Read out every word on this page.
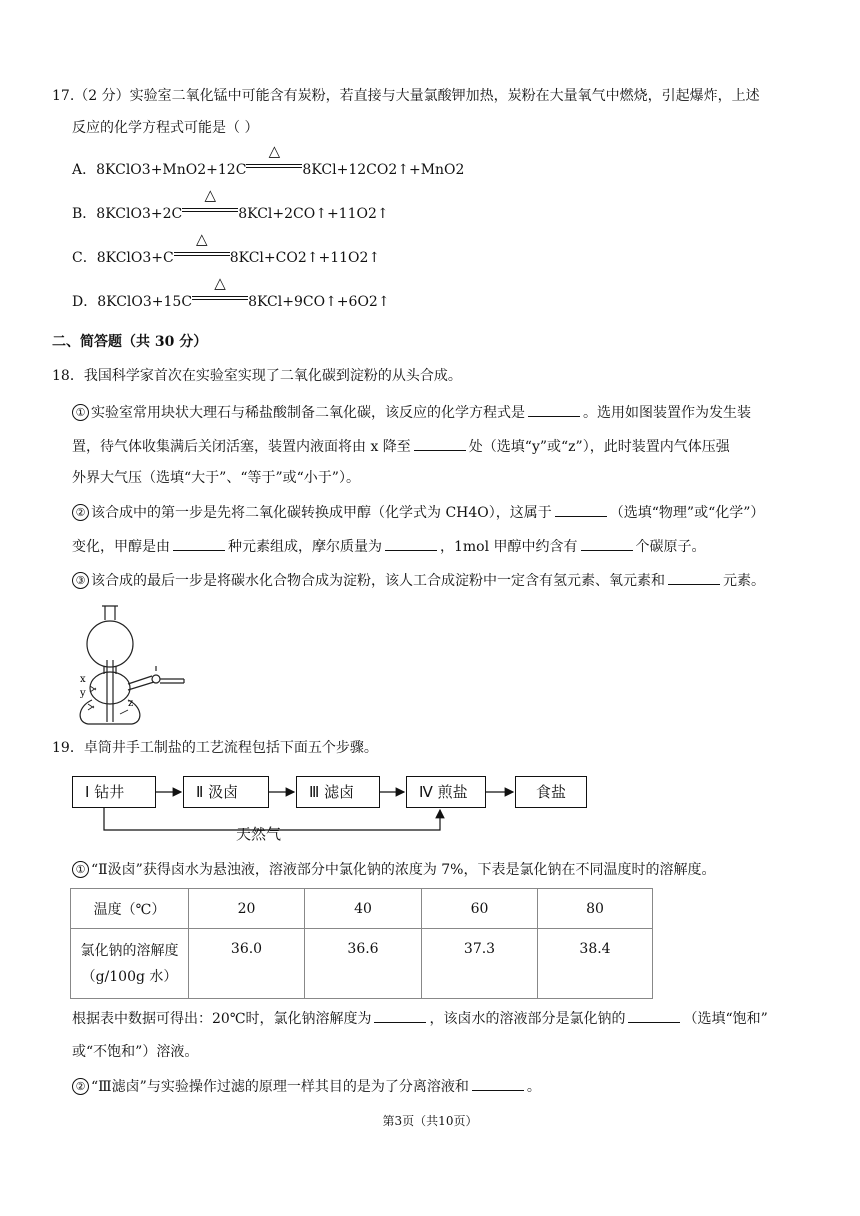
17.（2 分）实验室二氧化锰中可能含有炭粉，若直接与大量氯酸钾加热，炭粉在大量氧气中燃烧，引起爆炸，上述
反应的化学方程式可能是（ ）
A．8KClO3+MnO2+12C
△
8KCl+12CO2↑+MnO2
B．8KClO3+2C
△
8KCl+2CO↑+11O2↑
C．8KClO3+C
△
8KCl+CO2↑+11O2↑
D．8KClO3+15C
△
8KCl+9CO↑+6O2↑
二、简答题（共 30 分）
18．我国科学家首次在实验室实现了二氧化碳到淀粉的从头合成。
① 实验室常用块状大理石与稀盐酸制备二氧化碳，该反应的化学方程式是	。选用如图装置作为发生装
置，待气体收集满后关闭活塞，装置内液面将由 x 降至	处（选填“y”或“z”），此时装置内气体压强
外界大气压（选填“大于”、“等于”或“小于”）。
② 该合成中的第一步是先将二氧化碳转换成甲醇（化学式为 CH4O），这属于	（选填“物理”或“化学”）
变化，甲醇是由	种元素组成，摩尔质量为	，1mol 甲醇中约含有	个碳原子。
③ 该合成的最后一步是将碳水化合物合成为淀粉，该人工合成淀粉中一定含有氢元素、氧元素和	元素。
x
y
z
19．卓筒井手工制盐的工艺流程包括下面五个步骤。
Ⅰ 钻井	Ⅱ 汲卤	Ⅲ 滤卤	Ⅳ 煎盐	食盐
天然气
① “Ⅱ汲卤”获得卤水为悬浊液，溶液部分中氯化钠的浓度为 7%，下表是氯化钠在不同温度时的溶解度。
温度（℃）	20	40	60	80

氯化钠的溶解度
（g/100g 水）	36.0	36.6	37.3	38.4
根据表中数据可得出：20℃时，氯化钠溶解度为	，该卤水的溶液部分是氯化钠的	（选填“饱和”
或“不饱和”）溶液。
② “Ⅲ滤卤”与实验操作过滤的原理一样其目的是为了分离溶液和	。
第3页（共10页）
